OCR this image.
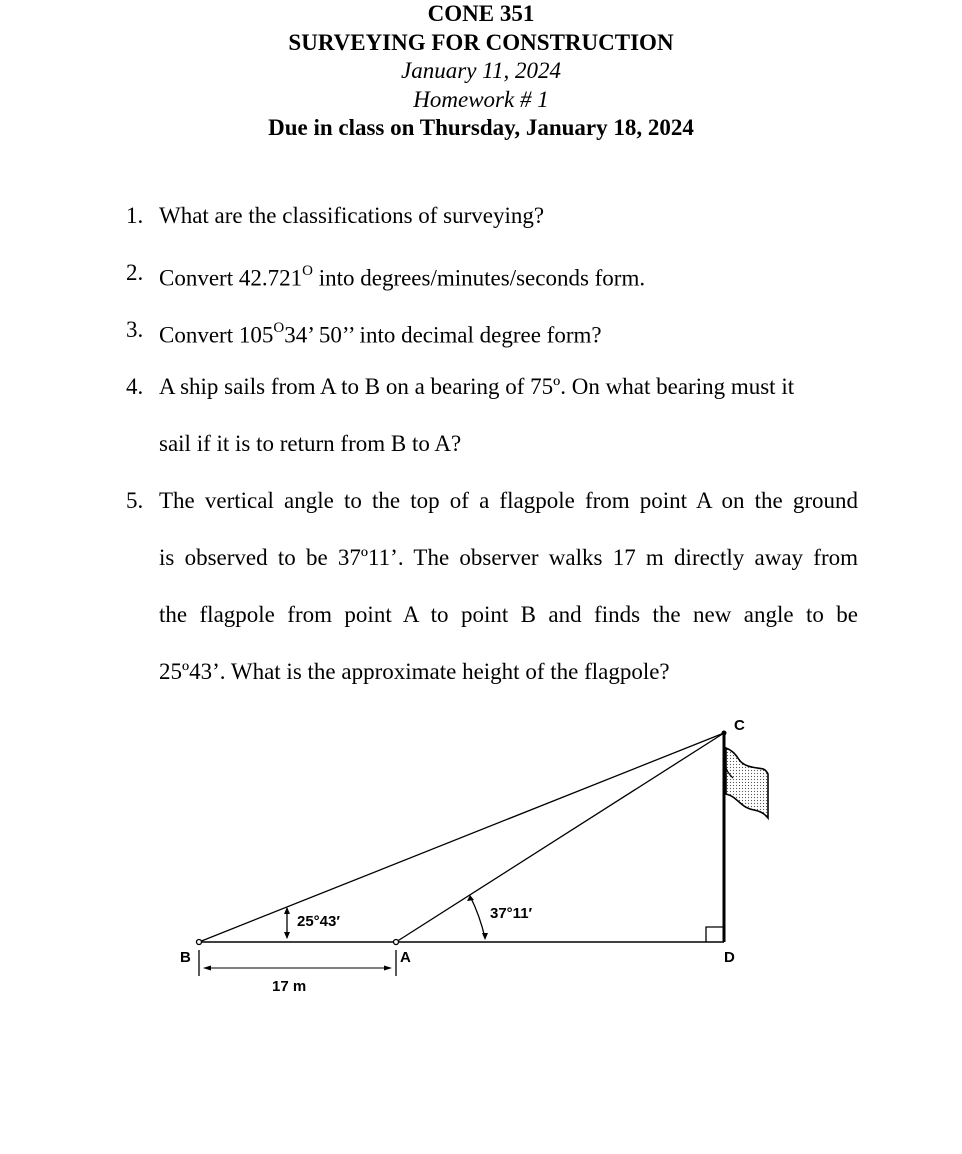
CONE 351
SURVEYING FOR CONSTRUCTION
January 11, 2024
Homework # 1
Due in class on Thursday, January 18, 2024
1. What are the classifications of surveying?
2. Convert $42.721^O$ into degrees/minutes/seconds form.
3. Convert $105^O34$’ 50’’ into decimal degree form?
4. A ship sails from A to B on a bearing of 75º. On what bearing must it
sail if it is to return from B to A?
5. The vertical angle to the top of a flagpole from point A on the ground
is observed to be 37º11’. The observer walks 17 m directly away from
the flagpole from point A to point B and finds the new angle to be
25º43’. What is the approximate height of the flagpole?
B	A
C
D
25°43′	37°11′
17 m
